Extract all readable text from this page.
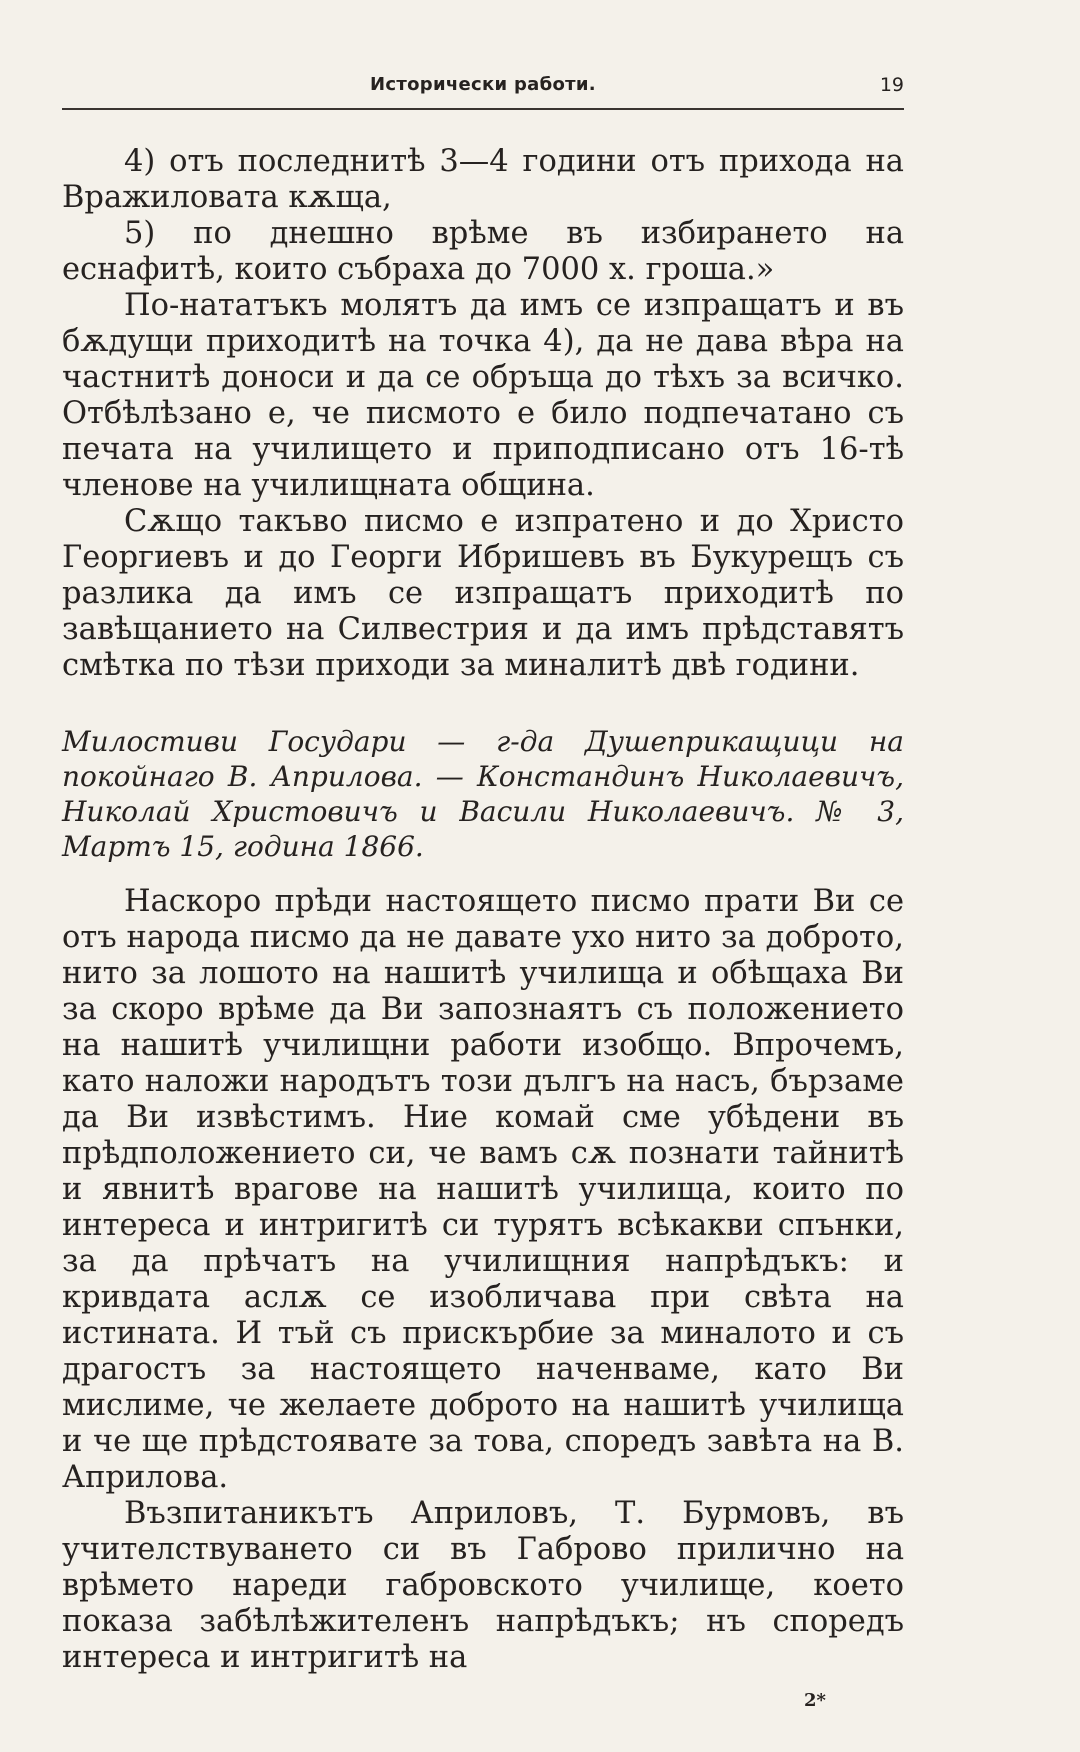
Исторически работи.	19

4) отъ последнитѣ 3—4 години отъ прихода на Вражиловата кѫща,

5) по днешно врѣме въ избирането на еснафитѣ, които събраха до 7000 х. гроша.»

По-нататъкъ молятъ да имъ се изпращатъ и въ бѫдущи приходитѣ на точка 4), да не дава вѣра на частнитѣ доноси и да се обръща до тѣхъ за всичко. Отбѣлѣзано е, че писмото е било подпечатано съ печата на училището и приподписано отъ 16-тѣ членове на училищната община.

Сѫщо такъво писмо е изпратено и до Христо Георгиевъ и до Георги Ибришевъ въ Букурещъ съ разлика да имъ се изпращатъ приходитѣ по завѣщанието на Силвестрия и да имъ прѣдставятъ смѣтка по тѣзи приходи за миналитѣ двѣ години.

Милостиви Государи — г-да Душеприкащици на покойнаго В. Априлова. — Констандинъ Николаевичъ, Николай Христовичъ и Васили Николаевичъ. № 3, Мартъ 15, година 1866.

Наскоро прѣди настоящето писмо прати Ви се отъ народа писмо да не давате ухо нито за доброто, нито за лошото на нашитѣ училища и обѣщаха Ви за скоро врѣме да Ви запознаятъ съ положението на нашитѣ училищни работи изобщо. Впрочемъ, като наложи народътъ този дългъ на насъ, бързаме да Ви извѣстимъ. Ние комай сме убѣдени въ прѣдположението си, че вамъ сѫ познати тайнитѣ и явнитѣ врагове на нашитѣ училища, които по интереса и интригитѣ си турятъ всѣкакви спънки, за да прѣчатъ на училищния напрѣдъкъ: и кривдата аслѫ се изобличава при свѣта на истината. И тъй съ прискърбие за миналото и съ драгостъ за настоящето начeнваме, като Ви мислиме, че желаете доброто на нашитѣ училища и че ще прѣдстоявате за това, споредъ завѣта на В. Априлова.

Възпитаникътъ Априловъ, Т. Бурмовъ, въ учителствуването си въ Габрово прилично на врѣмето нареди габровското училище, което показа забѣлѣжителенъ напрѣдъкъ; нъ споредъ интереса и интригитѣ на

2*
